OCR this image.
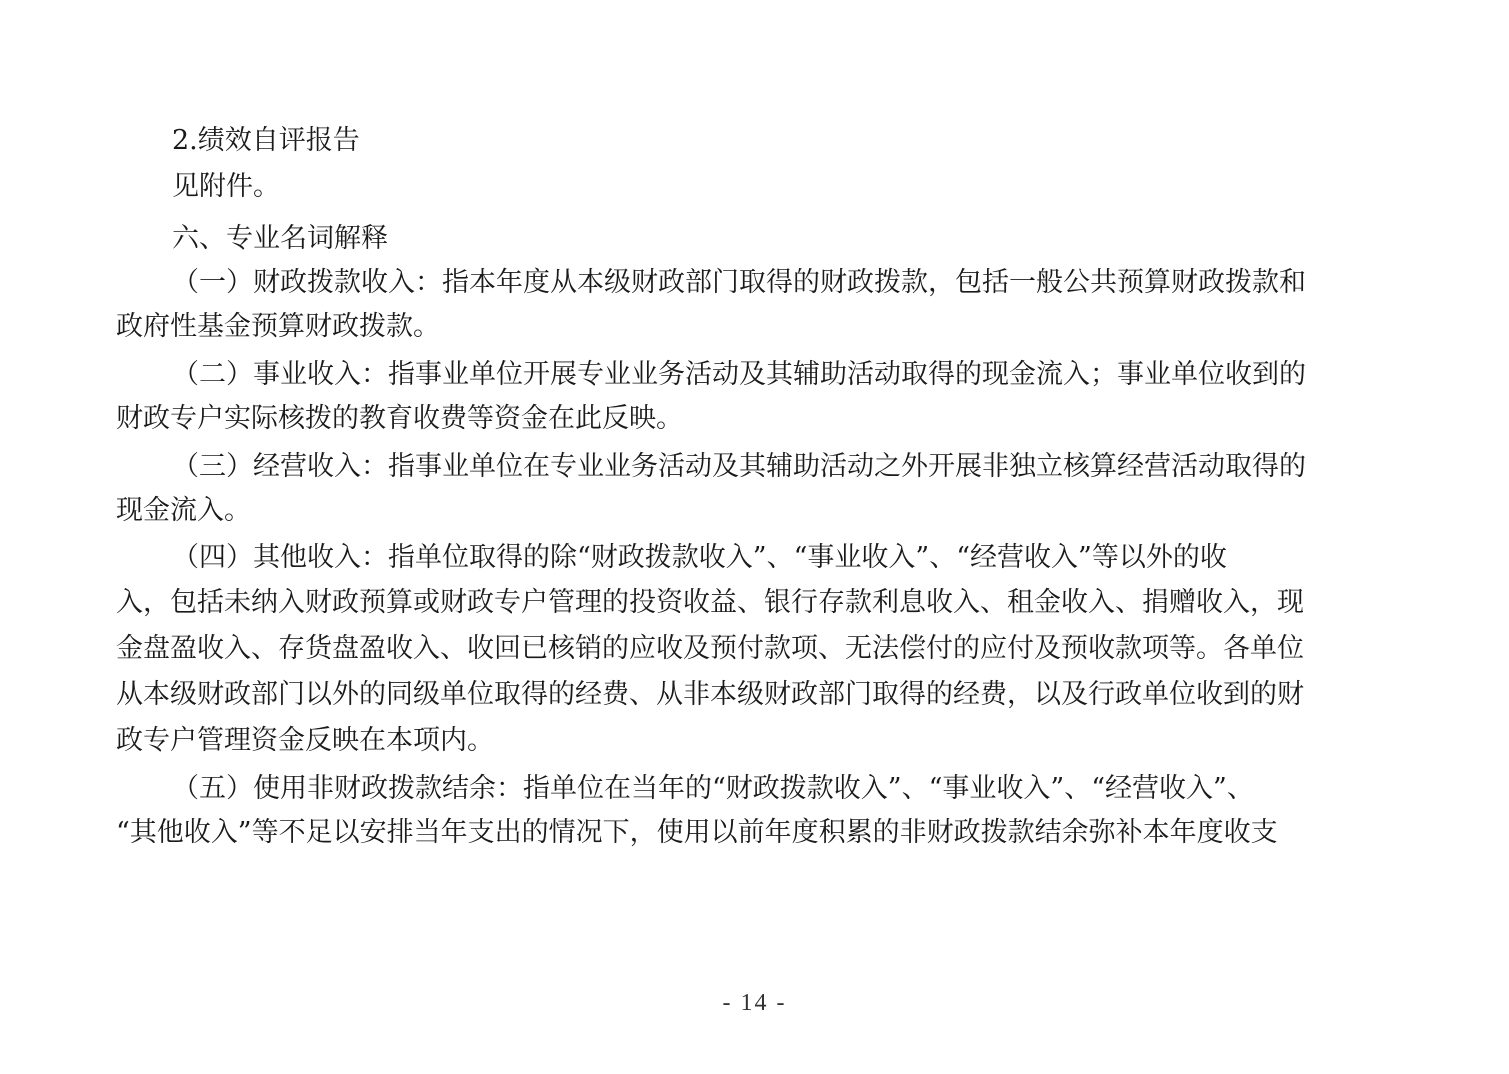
2.绩效自评报告
见附件。
六、专业名词解释
（一）财政拨款收入：指本年度从本级财政部门取得的财政拨款，包括一般公共预算财政拨款和
政府性基金预算财政拨款。
（二）事业收入：指事业单位开展专业业务活动及其辅助活动取得的现金流入；事业单位收到的
财政专户实际核拨的教育收费等资金在此反映。
（三）经营收入：指事业单位在专业业务活动及其辅助活动之外开展非独立核算经营活动取得的
现金流入。
（四）其他收入：指单位取得的除“财政拨款收入”、“事业收入”、“经营收入”等以外的收
入，包括未纳入财政预算或财政专户管理的投资收益、银行存款利息收入、租金收入、捐赠收入，现
金盘盈收入、存货盘盈收入、收回已核销的应收及预付款项、无法偿付的应付及预收款项等。各单位
从本级财政部门以外的同级单位取得的经费、从非本级财政部门取得的经费，以及行政单位收到的财
政专户管理资金反映在本项内。
（五）使用非财政拨款结余：指单位在当年的“财政拨款收入”、“事业收入”、“经营收入”、
“其他收入”等不足以安排当年支出的情况下，使用以前年度积累的非财政拨款结余弥补本年度收支
- 14 -
